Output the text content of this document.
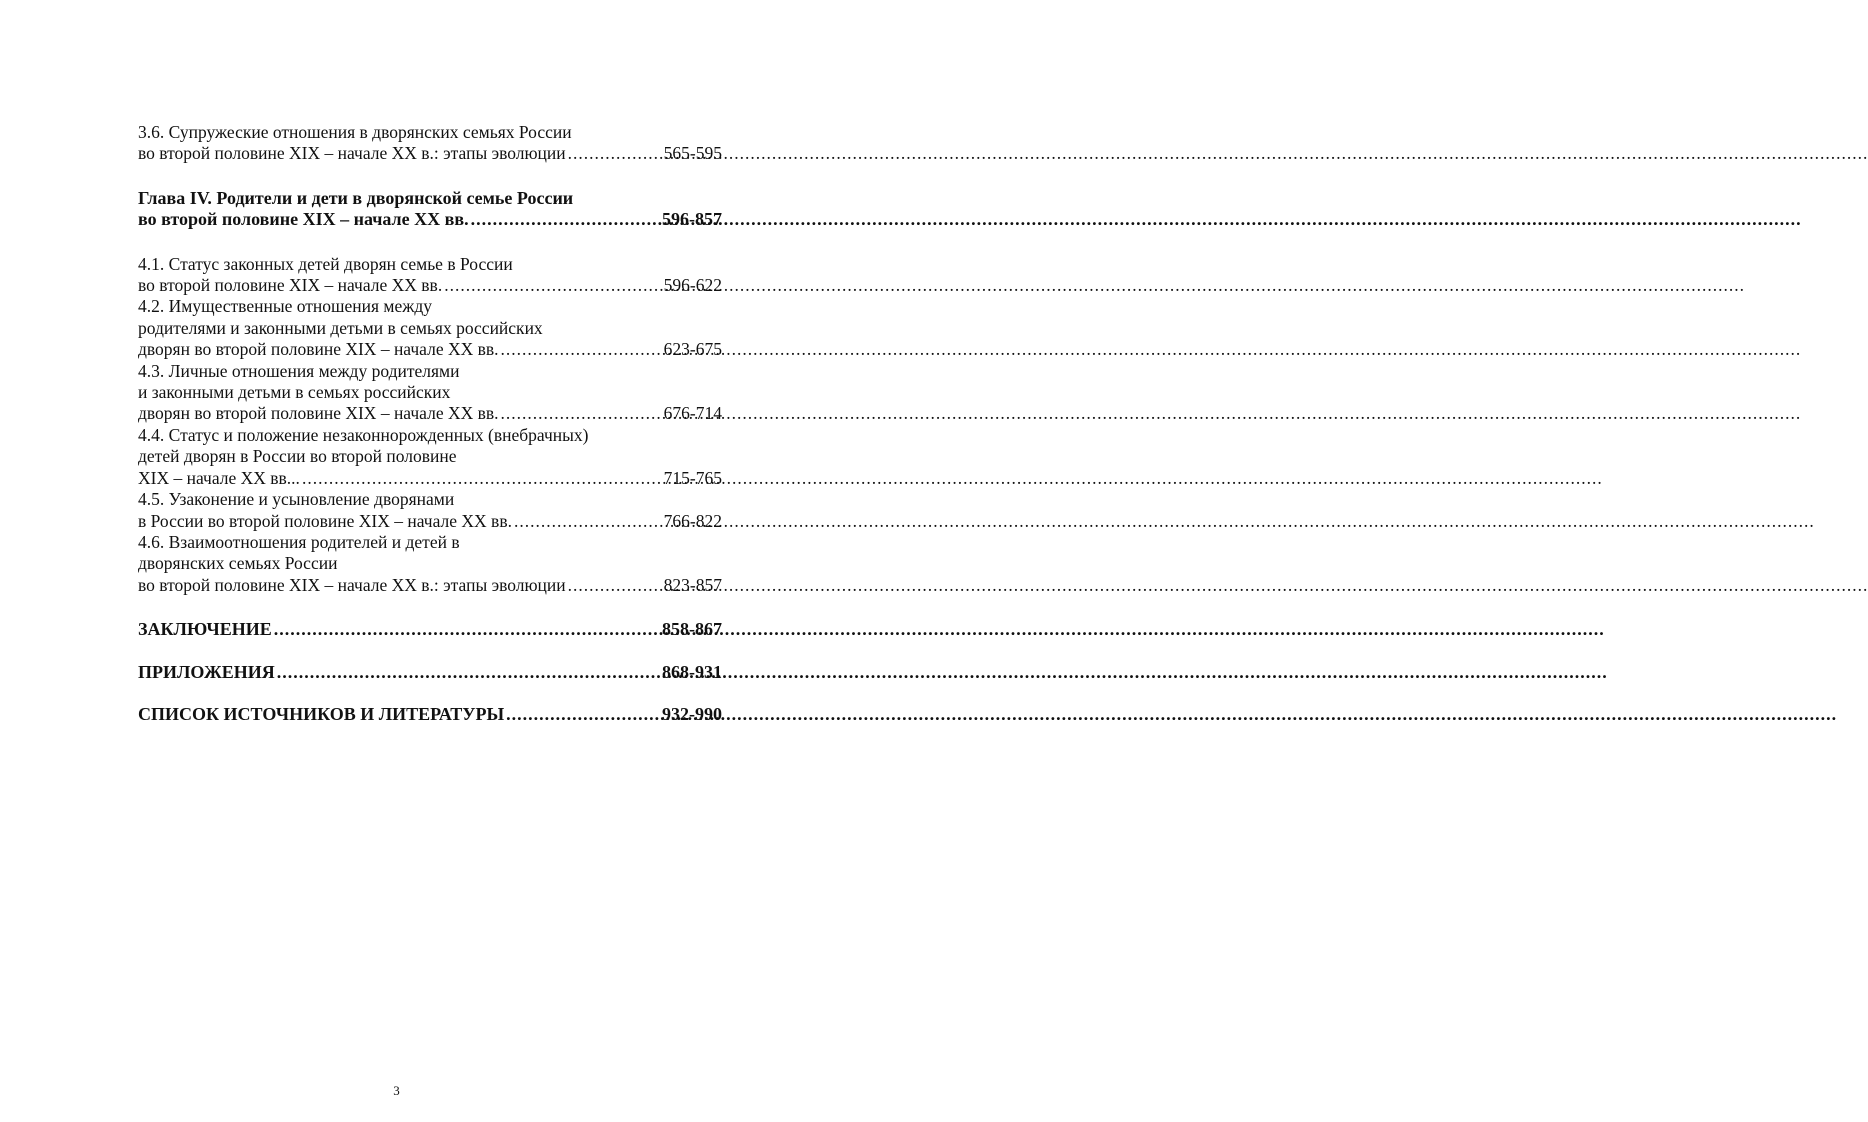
3.6. Супружеские отношения в дворянских семьях России
во второй половине XIX – начале XX в.: этапы эволюции .....	565-595
Глава IV. Родители и дети в дворянской семье России
во второй половине XIX – начале XX вв. .....	596-857
4.1. Статус законных детей дворян семье в России
во второй половине XIX – начале XX вв. .....	596-622
4.2. Имущественные отношения между
родителями и законными детьми в семьях российских
дворян во второй половине XIX – начале XX вв. .....	623-675
4.3. Личные отношения между родителями
и законными детьми в семьях российских
дворян во второй половине XIX – начале XX вв. .....	676-714
4.4. Статус и положение незаконнорожденных (внебрачных)
детей дворян в России во второй половине
XIX – начале XX вв... .....	715-765
4.5. Узаконение и усыновление дворянами
в России во второй половине XIX – начале XX вв. .....	766-822
4.6. Взаимоотношения родителей и детей в
дворянских семьях России
во второй половине XIX – начале XX в.: этапы эволюции .....	823-857
ЗАКЛЮЧЕНИЕ .....	858-867
ПРИЛОЖЕНИЯ .....	868-931
СПИСОК ИСТОЧНИКОВ И ЛИТЕРАТУРЫ .....	932-990
3
